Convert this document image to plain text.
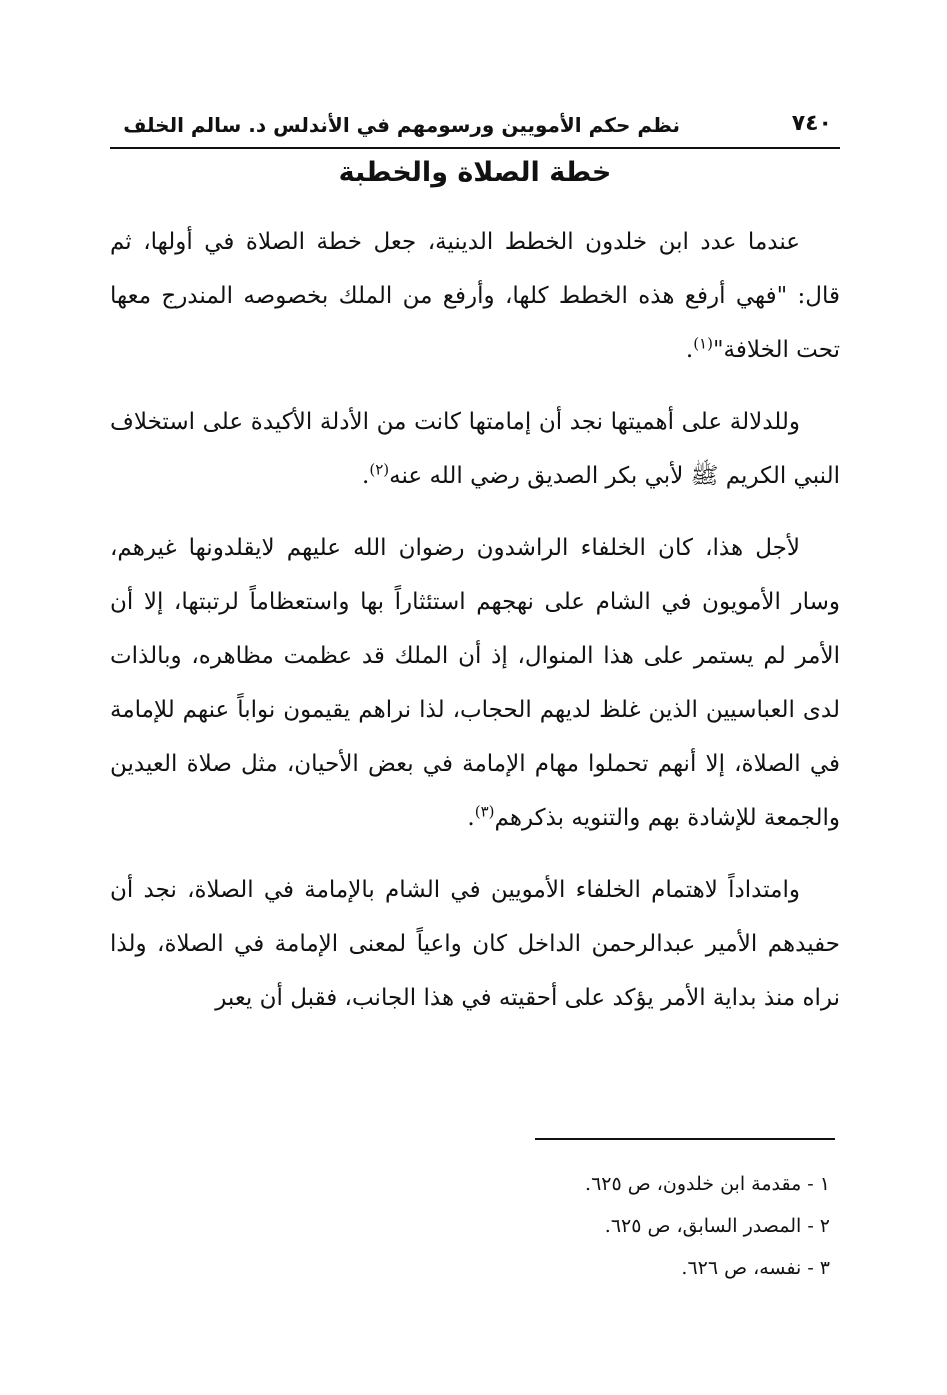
٧٤٠
نظم حكم الأمويين ورسومهم في الأندلس د. سالم الخلف
خطة الصلاة والخطبة

عندما عدد ابن خلدون الخطط الدينية، جعل خطة الصلاة في أولها، ثم قال: "فهي أرفع هذه الخطط كلها، وأرفع من الملك بخصوصه المندرج معها تحت الخلافة"$^{(١)}$.

وللدلالة على أهميتها نجد أن إمامتها كانت من الأدلة الأكيدة على استخلاف النبي الكريم ﷺ لأبي بكر الصديق رضي الله عنه$^{(٢)}$.

لأجل هذا، كان الخلفاء الراشدون رضوان الله عليهم لايقلدونها غيرهم، وسار الأمويون في الشام على نهجهم استئثاراً بها واستعظاماً لرتبتها، إلا أن الأمر لم يستمر على هذا المنوال، إذ أن الملك قد عظمت مظاهره، وبالذات لدى العباسيين الذين غلظ لديهم الحجاب، لذا نراهم يقيمون نواباً عنهم للإمامة في الصلاة، إلا أنهم تحملوا مهام الإمامة في بعض الأحيان، مثل صلاة العيدين والجمعة للإشادة بهم والتنويه بذكرهم$^{(٣)}$.

وامتداداً لاهتمام الخلفاء الأمويين في الشام بالإمامة في الصلاة، نجد أن حفيدهم الأمير عبدالرحمن الداخل كان واعياً لمعنى الإمامة في الصلاة، ولذا نراه منذ بداية الأمر يؤكد على أحقيته في هذا الجانب، فقبل أن يعبر

١ - مقدمة ابن خلدون، ص ٦٢٥.
٢ - المصدر السابق، ص ٦٢٥.
٣ - نفسه، ص ٦٢٦.
